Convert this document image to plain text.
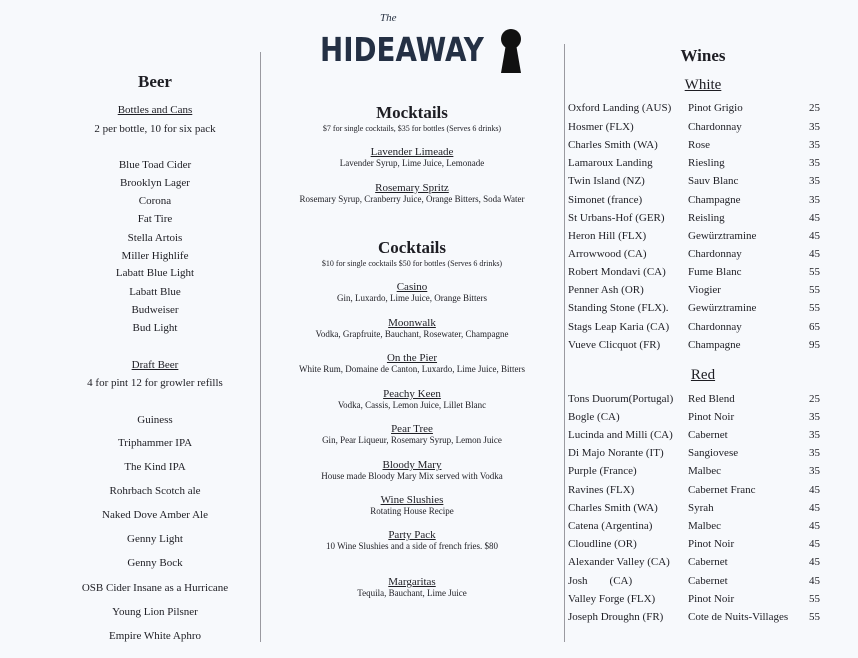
The
HIDEAWAY
Beer
Bottles and Cans
2 per bottle, 10 for six pack
Blue Toad Cider
Brooklyn Lager
Corona
Fat Tire
Stella Artois
Miller Highlife
Labatt Blue Light
Labatt Blue
Budweiser
Bud Light
Draft Beer
4 for pint 12 for growler refills
Guiness
Triphammer IPA
The Kind IPA
Rohrbach Scotch ale
Naked Dove Amber Ale
Genny Light
Genny Bock
OSB Cider Insane as a Hurricane
Young Lion Pilsner
Empire White Aphro
Mocktails
$7 for single cocktails, $35 for bottles (Serves 6 drinks)
Lavender Limeade
Lavender Syrup, Lime Juice, Lemonade
Rosemary Spritz
Rosemary Syrup, Cranberry Juice, Orange Bitters, Soda Water
Cocktails
$10 for single cocktails $50 for bottles (Serves 6 drinks)
Casino
Gin, Luxardo, Lime Juice, Orange Bitters
Moonwalk
Vodka, Grapfruite, Bauchant, Rosewater, Champagne
On the Pier
White Rum, Domaine de Canton, Luxardo, Lime Juice, Bitters
Peachy Keen
Vodka, Cassis, Lemon Juice, Lillet Blanc
Pear Tree
Gin, Pear Liqueur, Rosemary Syrup, Lemon Juice
Bloody Mary
House made Bloody Mary Mix served with Vodka
Wine Slushies
Rotating House Recipe
Party Pack
10 Wine Slushies and a side of french fries. $80
Margaritas
Tequila, Bauchant, Lime Juice
Wines
White
Oxford Landing (AUS) Pinot Grigio	25
Hosmer (FLX)	Chardonnay	35
Charles Smith (WA)	Rose	35
Lamaroux Landing	Riesling	35
Twin Island (NZ)	Sauv Blanc	35
Simonet (france)	Champagne	35
St Urbans-Hof (GER) Reisling	45
Heron Hill (FLX)	Gewürztramine	45
Arrowwood (CA)	Chardonnay	45
Robert Mondavi (CA) Fume Blanc	55
Penner Ash (OR)	Viogier	55
Standing Stone (FLX). Gewürztramine	55
Stags Leap Karia (CA) Chardonnay	65
Vueve Clicquot (FR)	Champagne	95
Red
Tons Duorum(Portugal) Red Blend	25
Bogle (CA)	Pinot Noir	35
Lucinda and Milli (CA) Cabernet	35
Di Majo Norante (IT) Sangiovese	35
Purple (France)	Malbec	35
Ravines (FLX)	Cabernet Franc	45
Charles Smith (WA)	Syrah	45
Catena (Argentina)	Malbec	45
Cloudline (OR)	Pinot Noir	45
Alexander Valley (CA) Cabernet	45
Josh        (CA)	Cabernet	45
Valley Forge (FLX)	Pinot Noir	55
Joseph Droughn (FR) Cote de Nuits-Villages 55
